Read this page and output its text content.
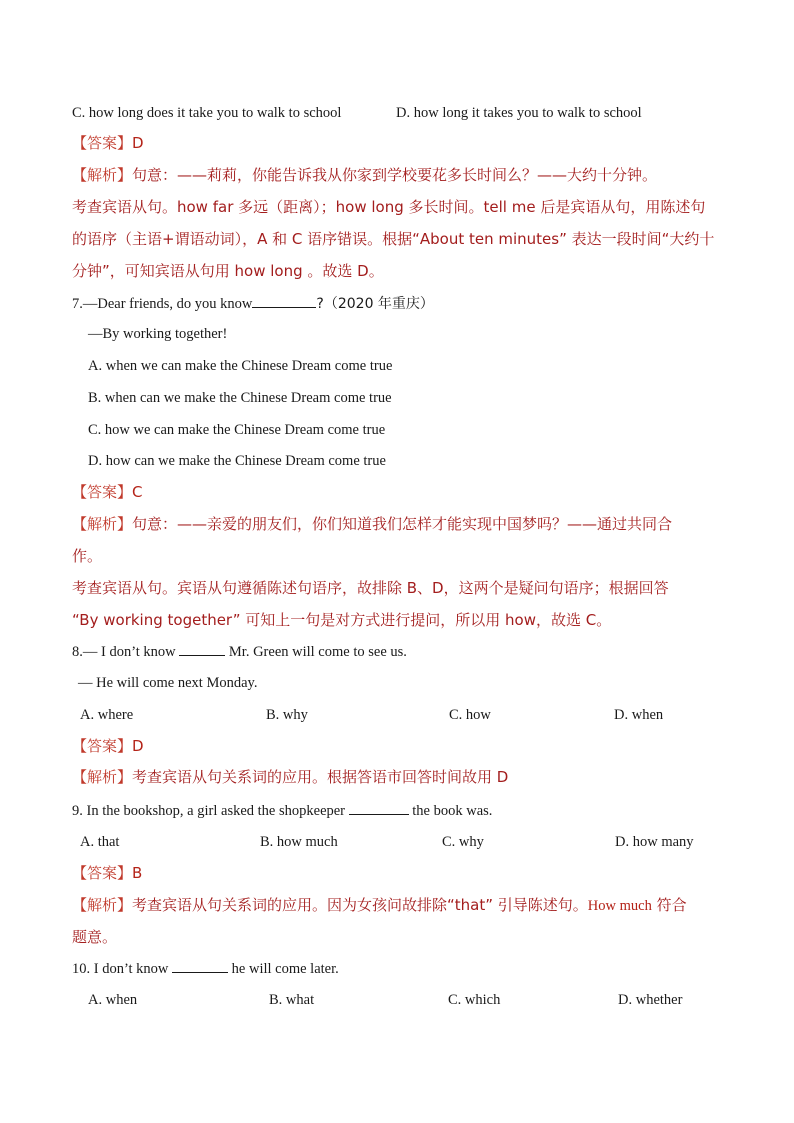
C. how long does it take you to walk to school	D. how long it takes you to walk to school
【答案】D
【解析】句意：——莉莉，你能告诉我从你家到学校要花多长时间么？——大约十分钟。
考查宾语从句。how far 多远（距离）；how long 多长时间。tell me 后是宾语从句，用陈述句
的语序（主语+谓语动词），A 和 C 语序错误。根据“About ten minutes” 表达一段时间“大约十
分钟”，可知宾语从句用 how long 。故选 D。
7.—Dear friends, do you know	?（2020 年重庆）
—By working together!
A. when we can make the Chinese Dream come true
B. when can we make the Chinese Dream come true
C. how we can make the Chinese Dream come true
D. how can we make the Chinese Dream come true
【答案】C
【解析】句意：——亲爱的朋友们，你们知道我们怎样才能实现中国梦吗？——通过共同合
作。
考查宾语从句。宾语从句遵循陈述句语序，故排除 B、D，这两个是疑问句语序；根据回答
“By working together” 可知上一句是对方式进行提问，所以用 how，故选 C。
8.— I don’t know	Mr. Green will come to see us.
— He will come next Monday.
A. where	B. why	C. how	D. when
【答案】D
【解析】考查宾语从句关系词的应用。根据答语市回答时间故用 D
9. In the bookshop, a girl asked the shopkeeper	the book was.
A. that	B. how much	C. why	D. how many
【答案】B
【解析】考查宾语从句关系词的应用。因为女孩问故排除“that” 引导陈述句。How much 符合
题意。
10. I don’t know	he will come later.
A. when	B. what	C. which	D. whether
